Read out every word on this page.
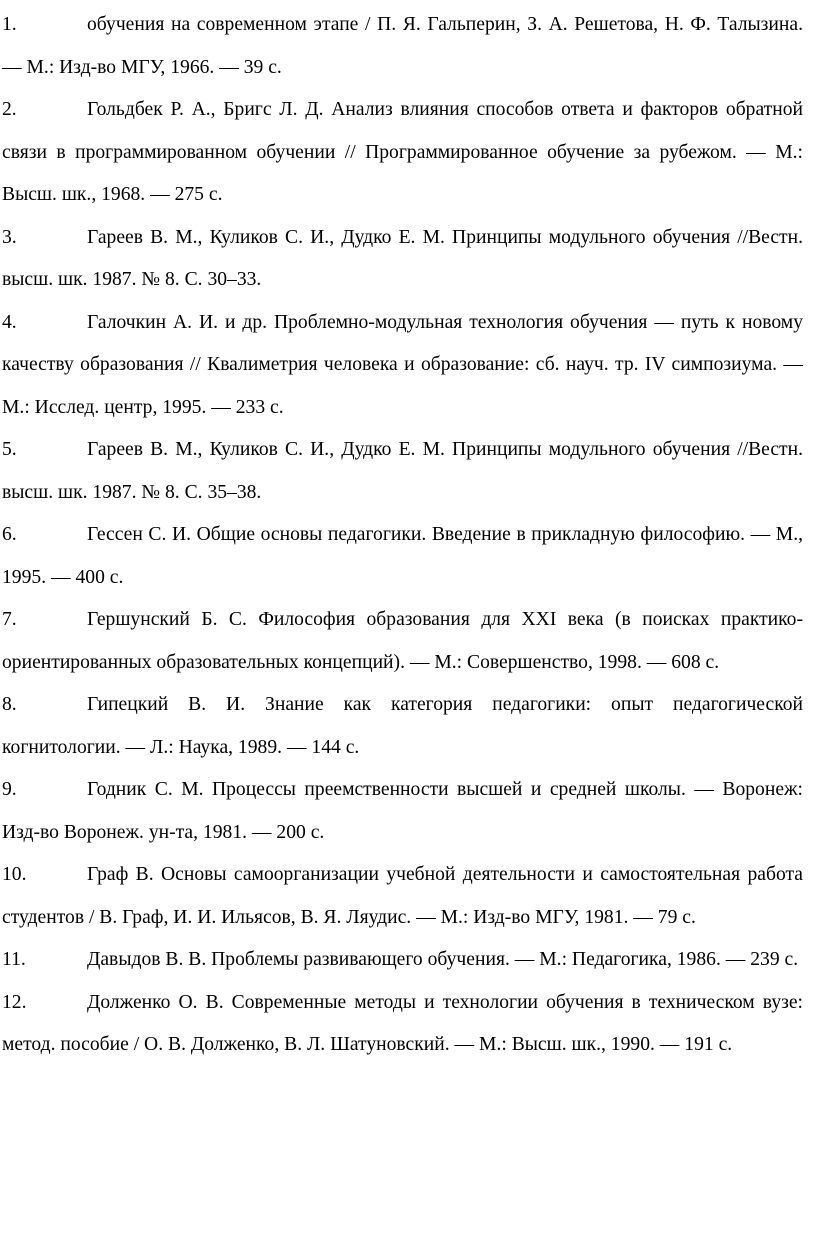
1.	обучения на современном этапе / П. Я. Гальперин, З. А. Решетова, Н. Ф. Талызина. — М.: Изд-во МГУ, 1966. — 39 с.

2.	Гольдбек Р. А., Бригс Л. Д. Анализ влияния способов ответа и факторов обратной связи в программированном обучении // Программированное обучение за рубежом. — М.: Высш. шк., 1968. — 275 с.

3.	Гареев В. М., Куликов С. И., Дудко Е. М. Принципы модульного обучения //Вестн. высш. шк. 1987. № 8. С. 30–33.

4.	Галочкин А. И. и др. Проблемно-модульная технология обучения — путь к новому качеству образования // Квалиметрия человека и образование: сб. науч. тр. IV симпозиума. — М.: Исслед. центр, 1995. — 233 с.

5.	Гареев В. М., Куликов С. И., Дудко Е. М. Принципы модульного обучения //Вестн. высш. шк. 1987. № 8. С. 35–38.

6.	Гессен С. И. Общие основы педагогики. Введение в прикладную философию. — М., 1995. — 400 с.

7.	Гершунский Б. С. Философия образования для XXI века (в поисках практико-ориентированных образовательных концепций). — М.: Совершенство, 1998. — 608 с.

8.	Гипецкий В. И. Знание как категория педагогики: опыт педагогической когнитологии. — Л.: Наука, 1989. — 144 с.

9.	Годник С. М. Процессы преемственности высшей и средней школы. — Воронеж: Изд-во Воронеж. ун-та, 1981. — 200 с.

10.	Граф В. Основы самоорганизации учебной деятельности и самостоятельная работа студентов / В. Граф, И. И. Ильясов, В. Я. Ляудис. — М.: Изд-во МГУ, 1981. — 79 с.

11.	Давыдов В. В. Проблемы развивающего обучения. — М.: Педагогика, 1986. — 239 с.

12.	Долженко О. В. Современные методы и технологии обучения в техническом вузе: метод. пособие / О. В. Долженко, В. Л. Шатуновский. — М.: Высш. шк., 1990. — 191 с.
